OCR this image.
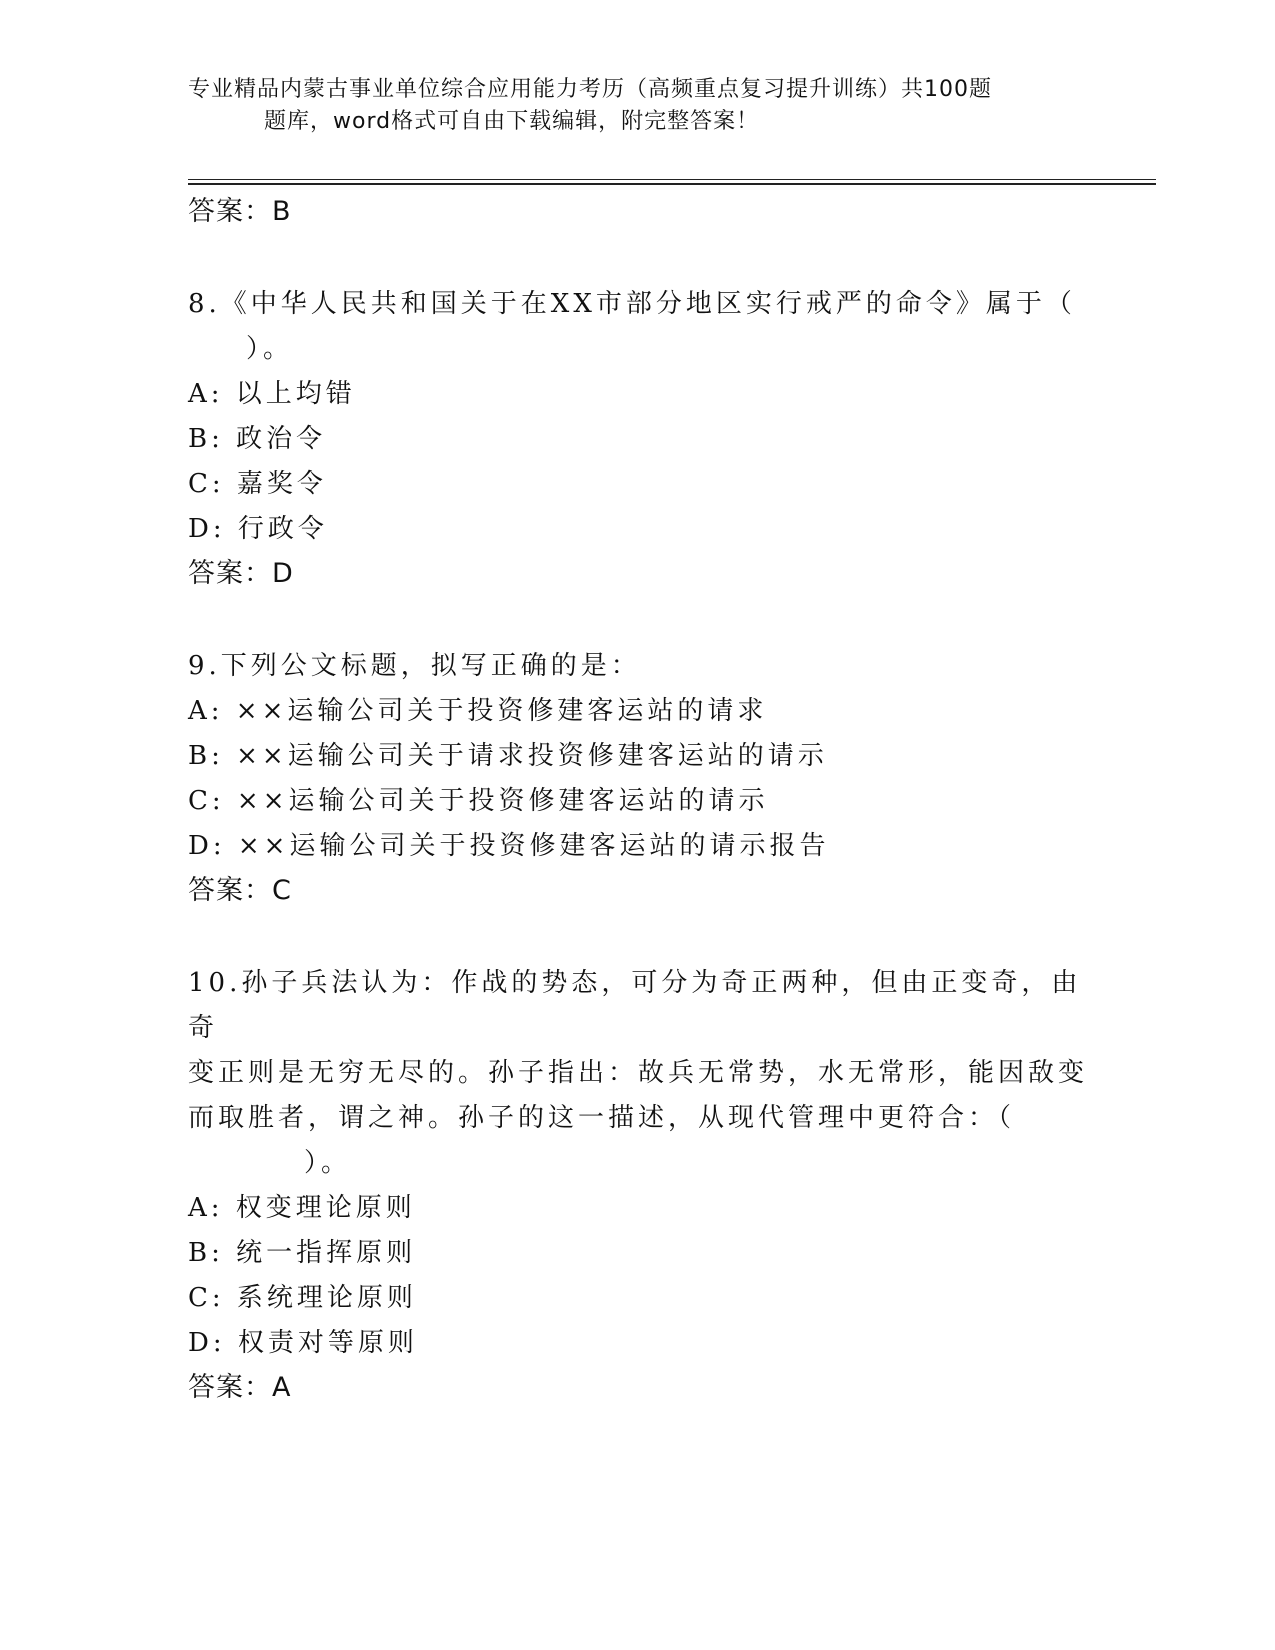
专业精品内蒙古事业单位综合应用能力考历（高频重点复习提升训练）共100题
题库，word格式可自由下载编辑，附完整答案！
答案：B
8.《中华人民共和国关于在XX市部分地区实行戒严的命令》属于（
）。
A: 以上均错
B: 政治令
C: 嘉奖令
D: 行政令
答案：D
9.下列公文标题，拟写正确的是：
A: ××运输公司关于投资修建客运站的请求
B: ××运输公司关于请求投资修建客运站的请示
C: ××运输公司关于投资修建客运站的请示
D: ××运输公司关于投资修建客运站的请示报告
答案：C
10.孙子兵法认为：作战的势态，可分为奇正两种，但由正变奇，由奇
变正则是无穷无尽的。孙子指出：故兵无常势，水无常形，能因敌变
而取胜者，谓之神。孙子的这一描述，从现代管理中更符合：（
）。
A: 权变理论原则
B: 统一指挥原则
C: 系统理论原则
D: 权责对等原则
答案：A
